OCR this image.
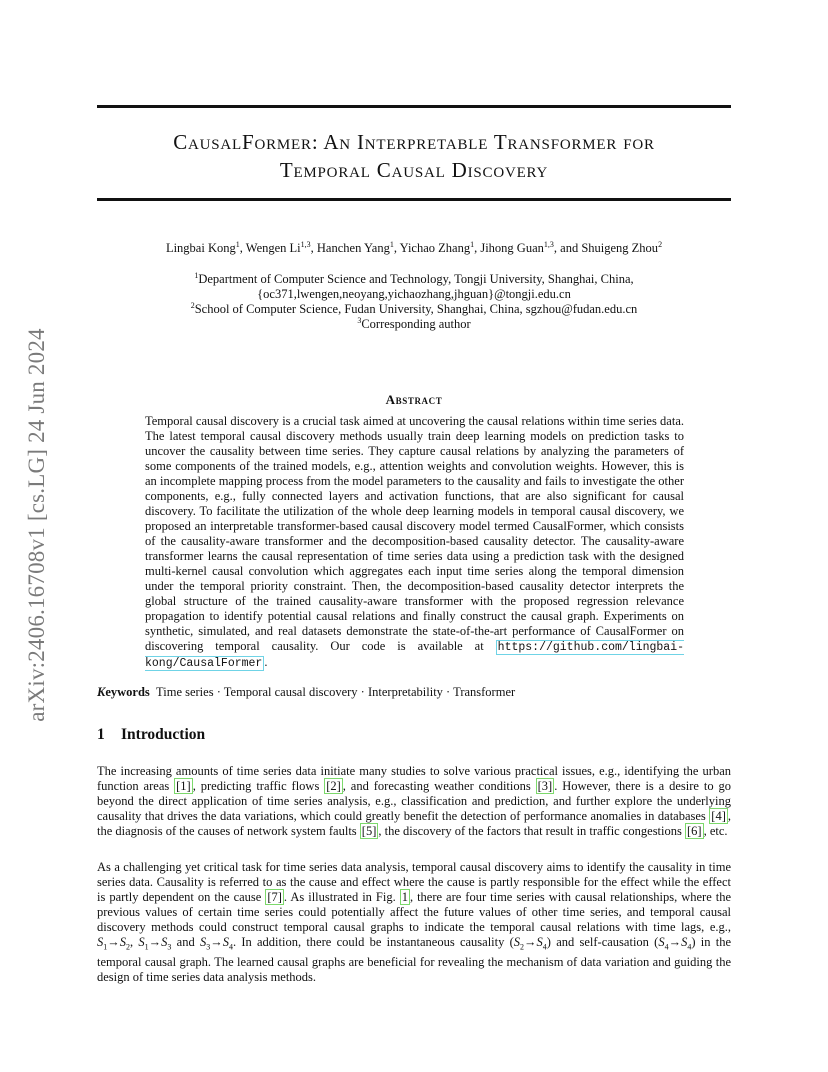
arXiv:2406.16708v1 [cs.LG] 24 Jun 2024
CausalFormer: An Interpretable Transformer for
Temporal Causal Discovery
Lingbai Kong$^1$, Wengen Li$^{1,3}$, Hanchen Yang$^1$, Yichao Zhang$^1$, Jihong Guan$^{1,3}$, and Shuigeng Zhou$^2$
$^1$Department of Computer Science and Technology, Tongji University, Shanghai, China,
{oc371,lwengen,neoyang,yichaozhang,jhguan}@tongji.edu.cn
$^2$School of Computer Science, Fudan University, Shanghai, China, sgzhou@fudan.edu.cn
$^3$Corresponding author
Abstract
Temporal causal discovery is a crucial task aimed at uncovering the causal relations within time series data. The latest temporal causal discovery methods usually train deep learning models on prediction tasks to uncover the causality between time series. They capture causal relations by analyzing the parameters of some components of the trained models, e.g., attention weights and convolution weights. However, this is an incomplete mapping process from the model parameters to the causality and fails to investigate the other components, e.g., fully connected layers and activation functions, that are also significant for causal discovery. To facilitate the utilization of the whole deep learning models in temporal causal discovery, we proposed an interpretable transformer-based causal discovery model termed CausalFormer, which consists of the causality-aware transformer and the decomposition-based causality detector. The causality-aware transformer learns the causal representation of time series data using a prediction task with the designed multi-kernel causal convolution which aggregates each input time series along the temporal dimension under the temporal priority constraint. Then, the decomposition-based causality detector interprets the global structure of the trained causality-aware transformer with the proposed regression relevance propagation to identify potential causal relations and finally construct the causal graph. Experiments on synthetic, simulated, and real datasets demonstrate the state-of-the-art performance of CausalFormer on discovering temporal causality. Our code is available at https://github.com/lingbai-kong/CausalFormer .
Keywords Time series · Temporal causal discovery · Interpretability · Transformer
1 Introduction
The increasing amounts of time series data initiate many studies to solve various practical issues, e.g., identifying the urban function areas [1] , predicting traffic flows [2] , and forecasting weather conditions [3] . However, there is a desire to go beyond the direct application of time series analysis, e.g., classification and prediction, and further explore the underlying causality that drives the data variations, which could greatly benefit the detection of performance anomalies in databases [4] , the diagnosis of the causes of network system faults [5] , the discovery of the factors that result in traffic congestions [6] , etc.
As a challenging yet critical task for time series data analysis, temporal causal discovery aims to identify the causality in time series data. Causality is referred to as the cause and effect where the cause is partly responsible for the effect while the effect is partly dependent on the cause [7] . As illustrated in Fig. 1 , there are four time series with causal relationships, where the previous values of certain time series could potentially affect the future values of other time series, and temporal causal discovery methods could construct temporal causal graphs to indicate the temporal causal relations with time lags, e.g., $S_1\to S_2$, $S_1\to S_3$ and $S_3\to S_4$. In addition, there could be instantaneous causality $(S_2\to S_4)$ and self-causation $(S_4\to S_4)$ in the temporal causal graph. The learned causal graphs are beneficial for revealing the mechanism of data variation and guiding the design of time series data analysis methods.
